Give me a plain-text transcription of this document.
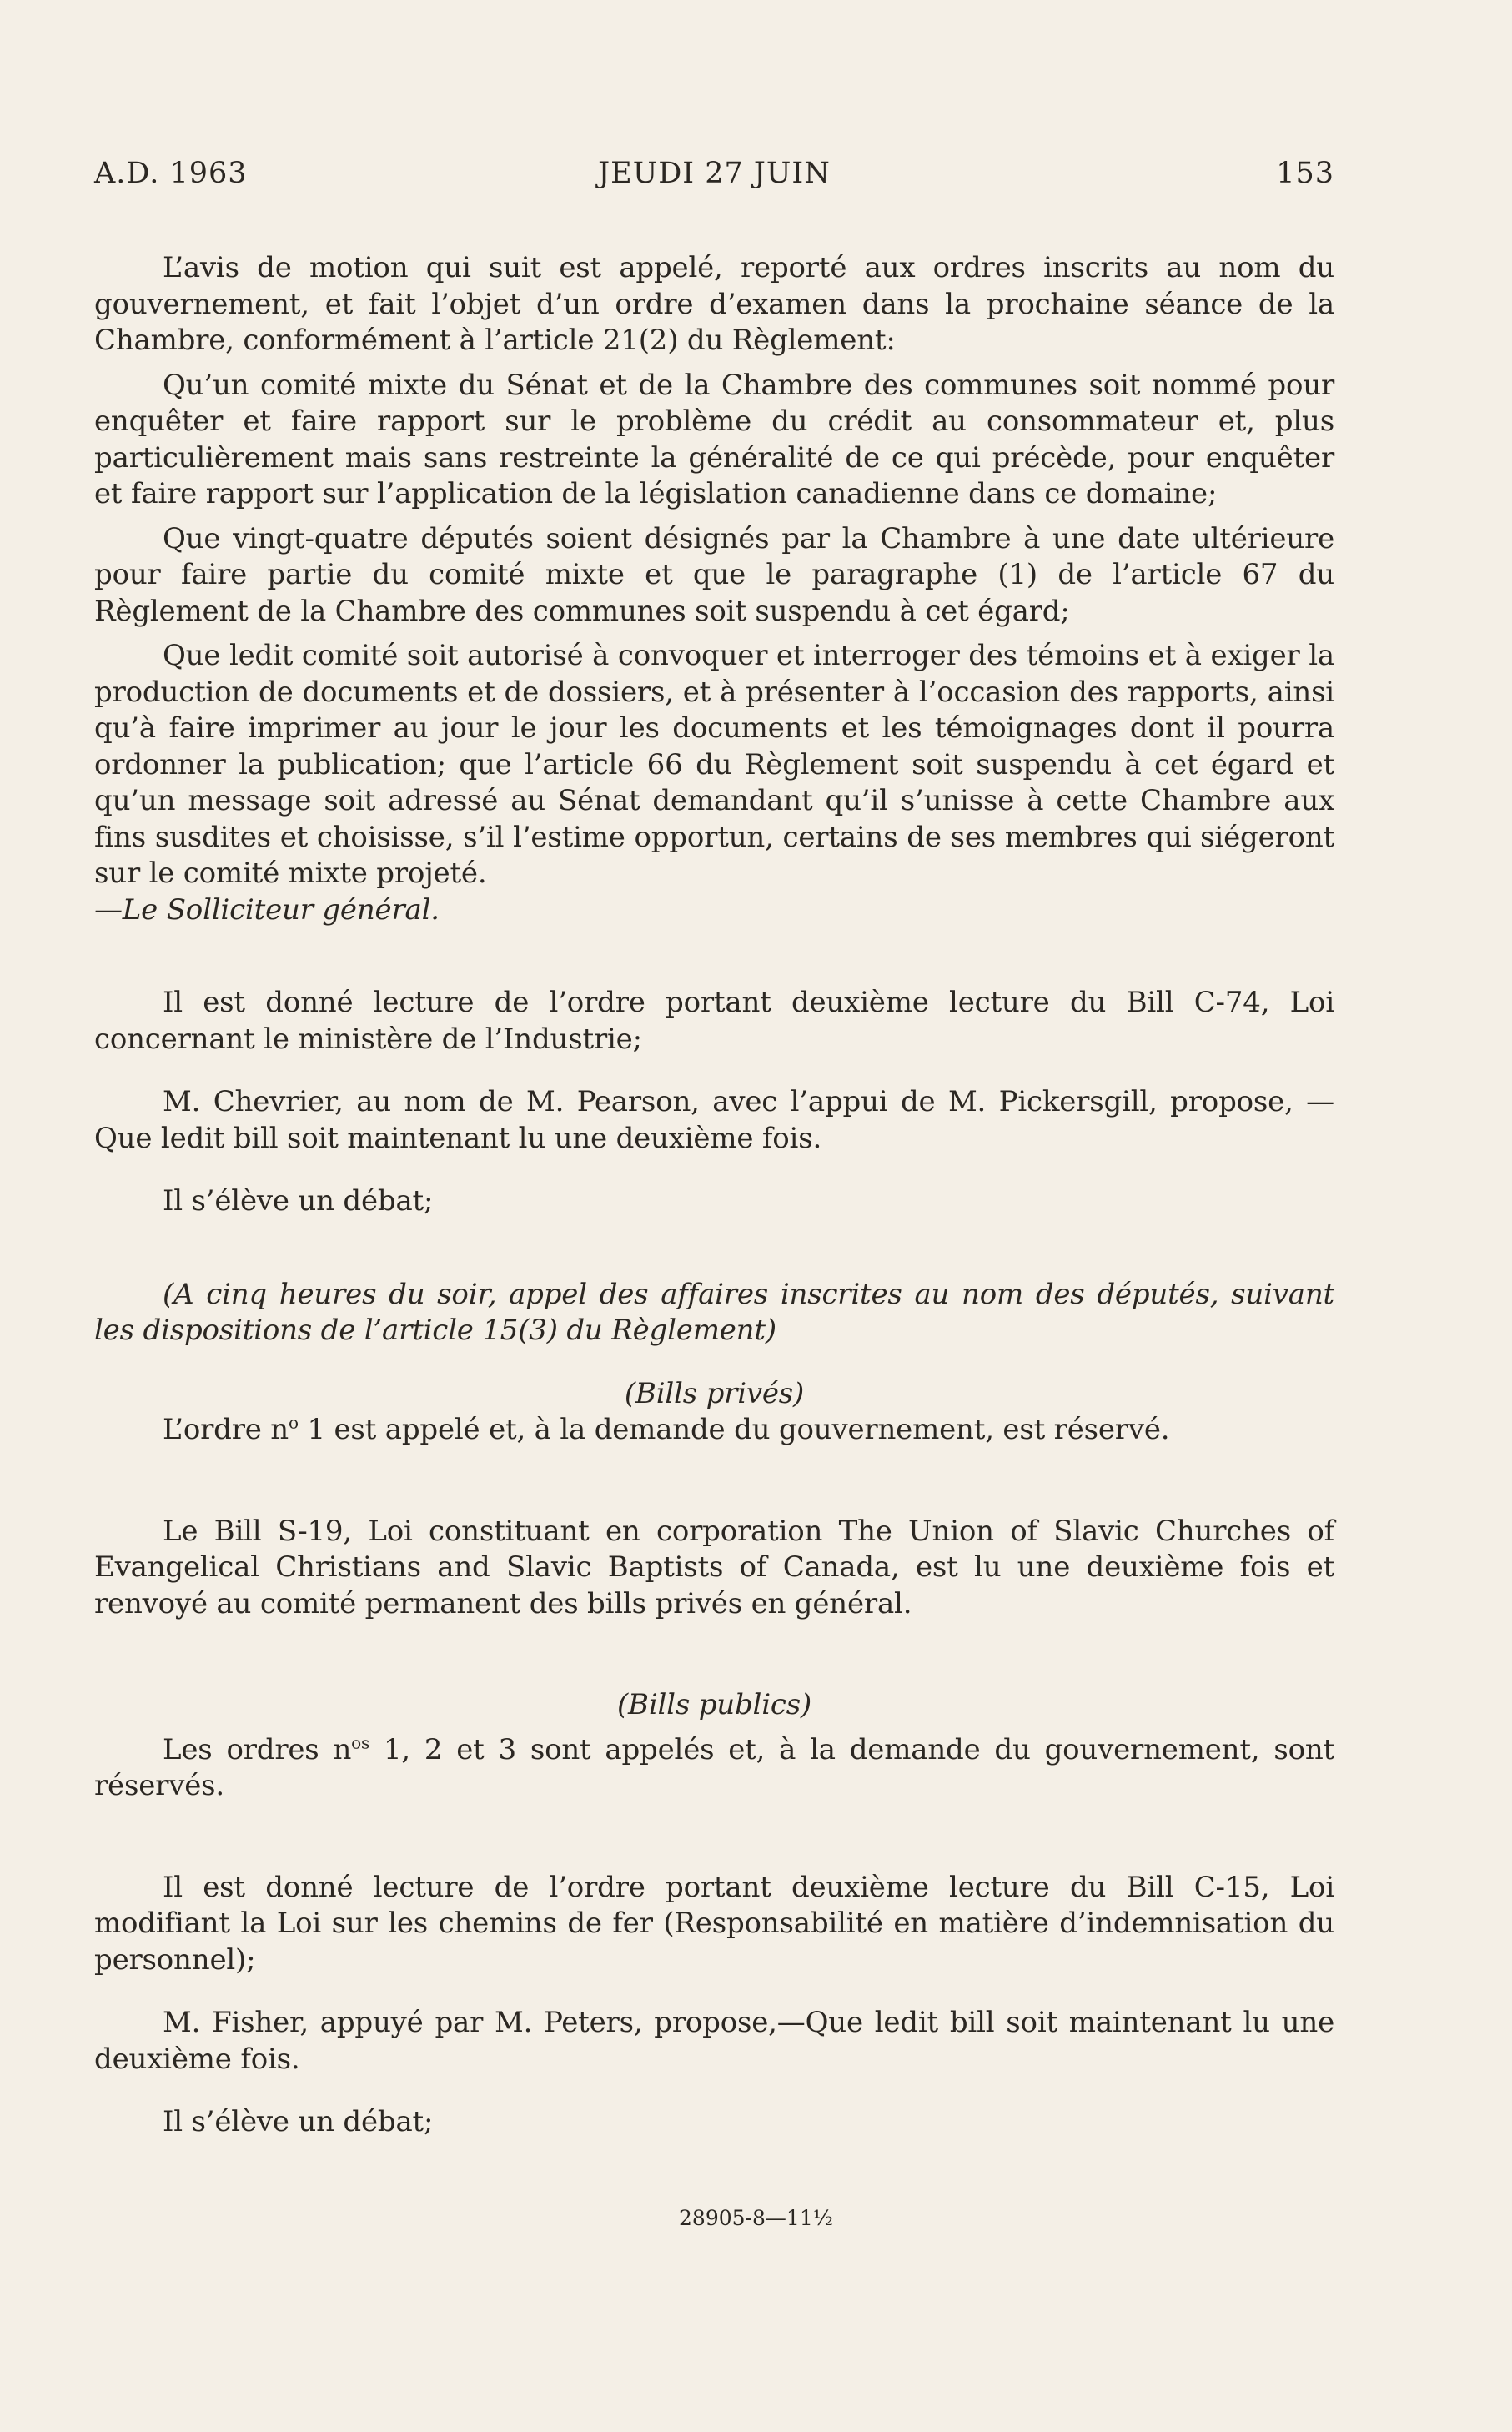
A.D. 1963	JEUDI 27 JUIN	153

L’avis de motion qui suit est appelé, reporté aux ordres inscrits au nom du gouvernement, et fait l’objet d’un ordre d’examen dans la prochaine séance de la Chambre, conformément à l’article 21(2) du Règlement:

Qu’un comité mixte du Sénat et de la Chambre des communes soit nommé pour enquêter et faire rapport sur le problème du crédit au consommateur et, plus particulièrement mais sans restreinte la généralité de ce qui précède, pour enquêter et faire rapport sur l’application de la législation canadienne dans ce domaine;

Que vingt-quatre députés soient désignés par la Chambre à une date ultérieure pour faire partie du comité mixte et que le paragraphe (1) de l’article 67 du Règlement de la Chambre des communes soit suspendu à cet égard;

Que ledit comité soit autorisé à convoquer et interroger des témoins et à exiger la production de documents et de dossiers, et à présenter à l’occasion des rapports, ainsi qu’à faire imprimer au jour le jour les documents et les témoignages dont il pourra ordonner la publication; que l’article 66 du Règlement soit suspendu à cet égard et qu’un message soit adressé au Sénat demandant qu’il s’unisse à cette Chambre aux fins susdites et choisisse, s’il l’estime opportun, certains de ses membres qui siégeront sur le comité mixte projeté.

—Le Solliciteur général.

Il est donné lecture de l’ordre portant deuxième lecture du Bill C-74, Loi concernant le ministère de l’Industrie;

M. Chevrier, au nom de M. Pearson, avec l’appui de M. Pickersgill, propose, —Que ledit bill soit maintenant lu une deuxième fois.

Il s’élève un débat;

(A cinq heures du soir, appel des affaires inscrites au nom des députés, suivant les dispositions de l’article 15(3) du Règlement)

(Bills privés)

L’ordre $n^o$ 1 est appelé et, à la demande du gouvernement, est réservé.

Le Bill S-19, Loi constituant en corporation The Union of Slavic Churches of Evangelical Christians and Slavic Baptists of Canada, est lu une deuxième fois et renvoyé au comité permanent des bills privés en général.

(Bills publics)

Les ordres $n^{os}$ 1, 2 et 3 sont appelés et, à la demande du gouvernement, sont réservés.

Il est donné lecture de l’ordre portant deuxième lecture du Bill C-15, Loi modifiant la Loi sur les chemins de fer (Responsabilité en matière d’indemnisation du personnel);

M. Fisher, appuyé par M. Peters, propose,—Que ledit bill soit maintenant lu une deuxième fois.

Il s’élève un débat;

28905-8—11½
